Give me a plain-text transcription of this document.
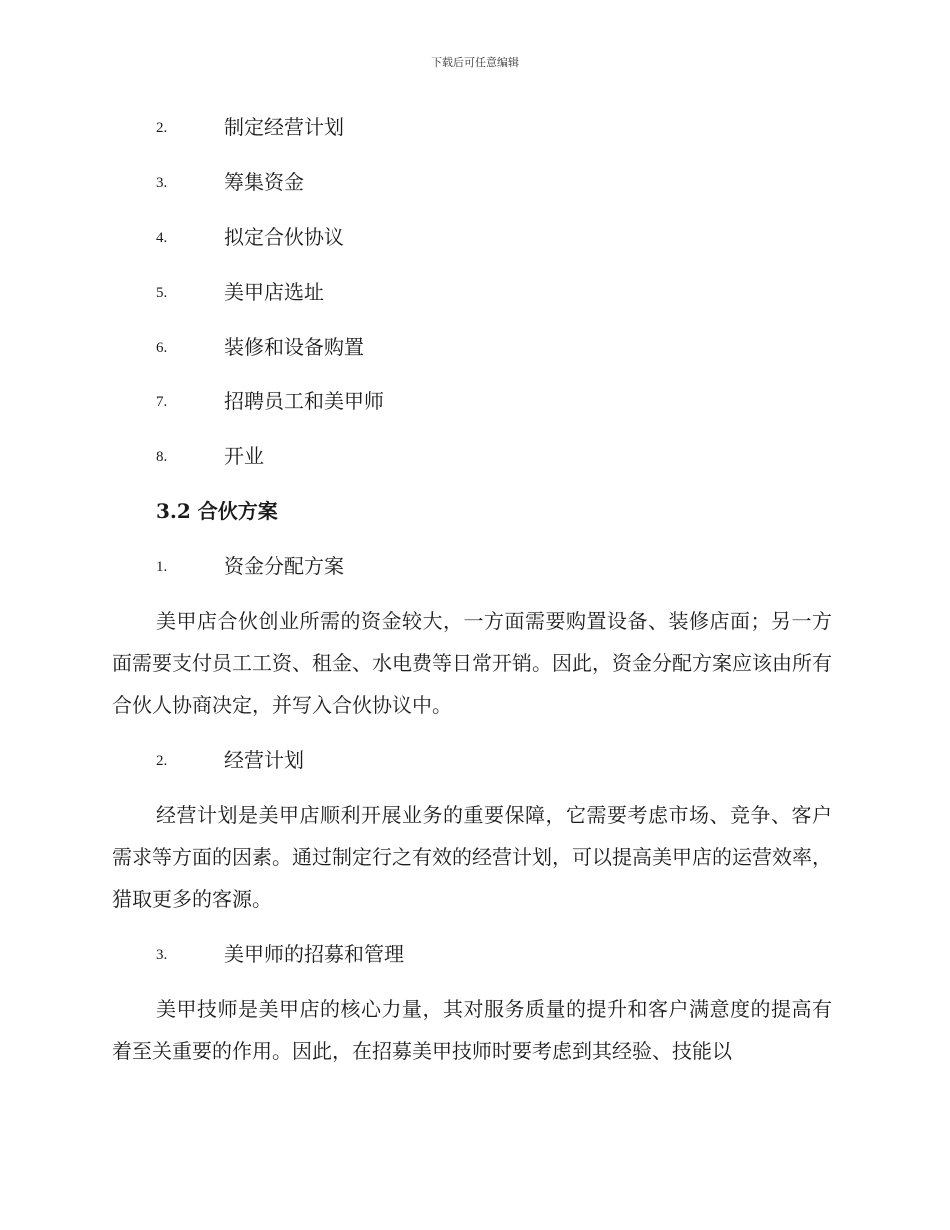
下载后可任意编辑
2.	制定经营计划
3.	筹集资金
4.	拟定合伙协议
5.	美甲店选址
6.	装修和设备购置
7.	招聘员工和美甲师
8.	开业
3.2 合伙方案
1.	资金分配方案

美甲店合伙创业所需的资金较大，一方面需要购置设备、装修店面；另一方面需要支付员工工资、租金、水电费等日常开销。因此，资金分配方案应该由所有合伙人协商决定，并写入合伙协议中。

2.	经营计划

经营计划是美甲店顺利开展业务的重要保障，它需要考虑市场、竞争、客户需求等方面的因素。通过制定行之有效的经营计划，可以提高美甲店的运营效率，猎取更多的客源。

3.	美甲师的招募和管理

美甲技师是美甲店的核心力量，其对服务质量的提升和客户满意度的提高有着至关重要的作用。因此，在招募美甲技师时要考虑到其经验、技能以
